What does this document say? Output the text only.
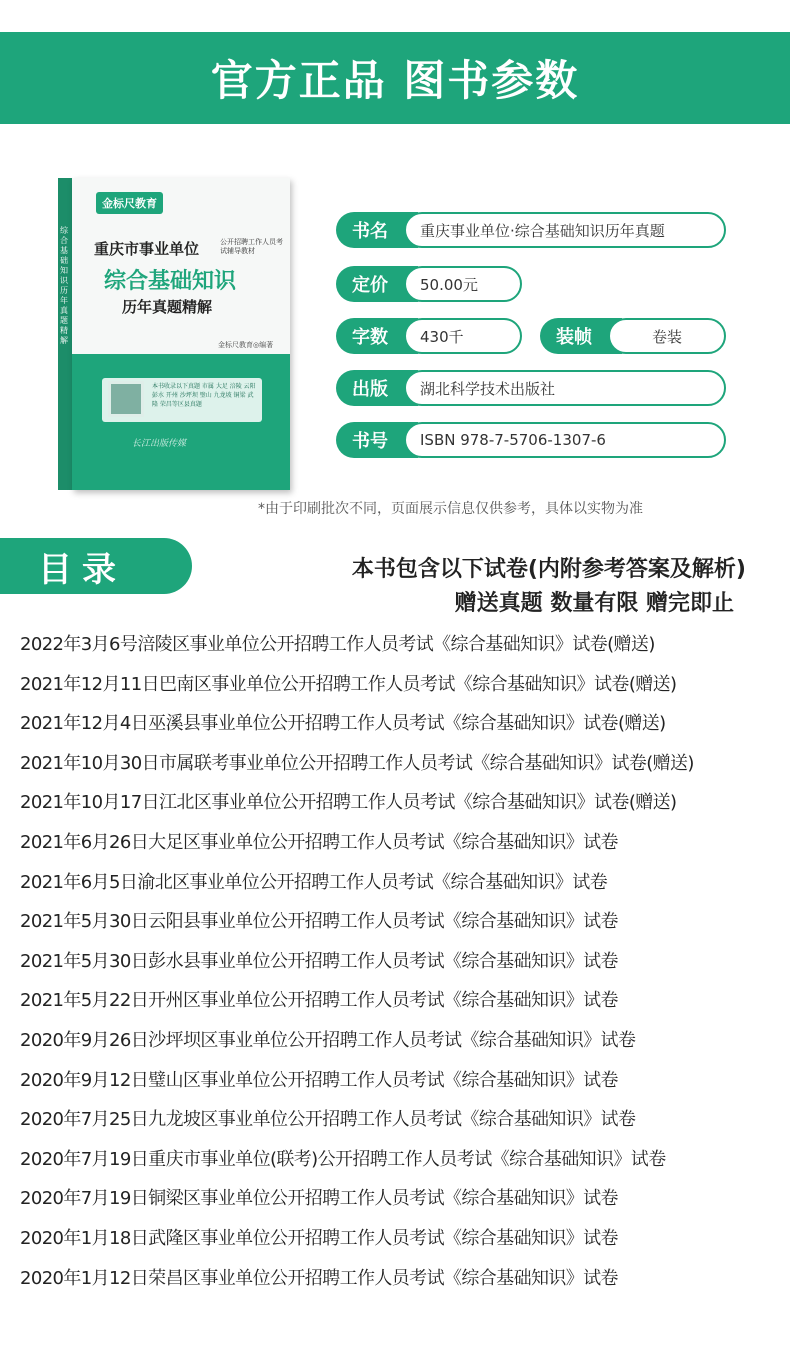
官方正品 图书参数
综合基础知识 历年真题精解
金标尺教育
重庆市事业单位	公开招聘工作人员考试辅导教材
综合基础知识
历年真题精解
金标尺教育◎编著
本书收录以下真题 市属 大足 涪陵 云阳 彭水 开州 沙坪坝 璧山 九龙坡 铜梁 武隆 荣昌等区县真题
长江出版传媒
书名	重庆事业单位·综合基础知识历年真题
定价	50.00元
字数	430千	装帧	卷装
出版	湖北科学技术出版社
书号	ISBN 978-7-5706-1307-6
*由于印刷批次不同，页面展示信息仅供参考，具体以实物为准
目录	本书包含以下试卷(内附参考答案及解析)
赠送真题 数量有限 赠完即止
2022年3月6号涪陵区事业单位公开招聘工作人员考试《综合基础知识》试卷(赠送)
2021年12月11日巴南区事业单位公开招聘工作人员考试《综合基础知识》试卷(赠送)
2021年12月4日巫溪县事业单位公开招聘工作人员考试《综合基础知识》试卷(赠送)
2021年10月30日市属联考事业单位公开招聘工作人员考试《综合基础知识》试卷(赠送)
2021年10月17日江北区事业单位公开招聘工作人员考试《综合基础知识》试卷(赠送)
2021年6月26日大足区事业单位公开招聘工作人员考试《综合基础知识》试卷
2021年6月5日渝北区事业单位公开招聘工作人员考试《综合基础知识》试卷
2021年5月30日云阳县事业单位公开招聘工作人员考试《综合基础知识》试卷
2021年5月30日彭水县事业单位公开招聘工作人员考试《综合基础知识》试卷
2021年5月22日开州区事业单位公开招聘工作人员考试《综合基础知识》试卷
2020年9月26日沙坪坝区事业单位公开招聘工作人员考试《综合基础知识》试卷
2020年9月12日璧山区事业单位公开招聘工作人员考试《综合基础知识》试卷
2020年7月25日九龙坡区事业单位公开招聘工作人员考试《综合基础知识》试卷
2020年7月19日重庆市事业单位(联考)公开招聘工作人员考试《综合基础知识》试卷
2020年7月19日铜梁区事业单位公开招聘工作人员考试《综合基础知识》试卷
2020年1月18日武隆区事业单位公开招聘工作人员考试《综合基础知识》试卷
2020年1月12日荣昌区事业单位公开招聘工作人员考试《综合基础知识》试卷
